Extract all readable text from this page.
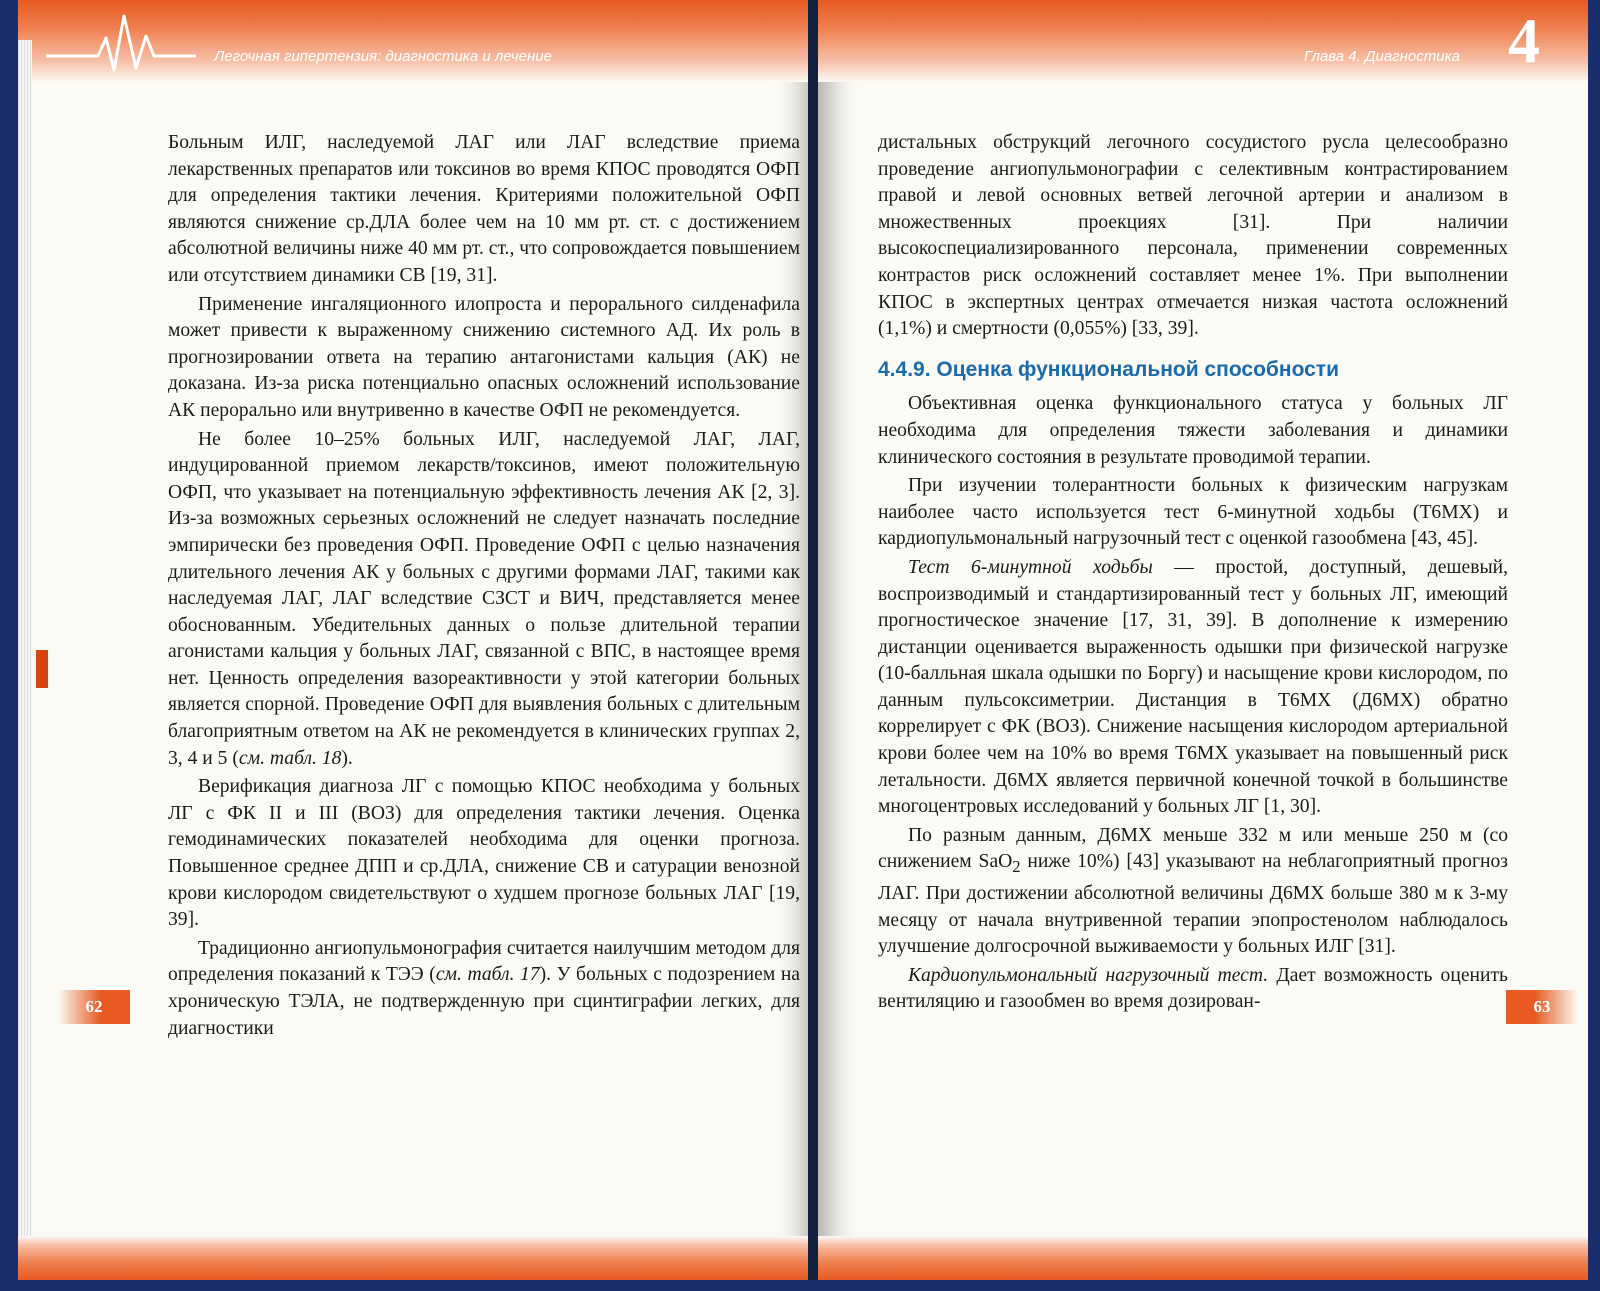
Легочная гипертензия: диагностика и лечение
62

Больным ИЛГ, наследуемой ЛАГ или ЛАГ вследствие приема лекарственных препаратов или токсинов во время КПОС проводятся ОФП для определения тактики лечения. Критериями положительной ОФП являются снижение ср.ДЛА более чем на 10 мм рт. ст. с достижением абсолютной величины ниже 40 мм рт. ст., что сопровождается повышением или отсутствием динамики СВ [19, 31].

Применение ингаляционного илопроста и перорального силденафила может привести к выраженному снижению системного АД. Их роль в прогнозировании ответа на терапию антагонистами кальция (АК) не доказана. Из-за риска потенциально опасных осложнений использование АК перорально или внутривенно в качестве ОФП не рекомендуется.

Не более 10–25% больных ИЛГ, наследуемой ЛАГ, ЛАГ, индуцированной приемом лекарств/токсинов, имеют положительную ОФП, что указывает на потенциальную эффективность лечения АК [2, 3]. Из-за возможных серьезных осложнений не следует назначать последние эмпирически без проведения ОФП. Проведение ОФП с целью назначения длительного лечения АК у больных с другими формами ЛАГ, такими как наследуемая ЛАГ, ЛАГ вследствие СЗСТ и ВИЧ, представляется менее обоснованным. Убедительных данных о пользе длительной терапии агонистами кальция у больных ЛАГ, связанной с ВПС, в настоящее время нет. Ценность определения вазореактивности у этой категории больных является спорной. Проведение ОФП для выявления больных с длительным благоприятным ответом на АК не рекомендуется в клинических группах 2, 3, 4 и 5 (см. табл. 18).

Верификация диагноза ЛГ с помощью КПОС необходима у больных ЛГ с ФК II и III (ВОЗ) для определения тактики лечения. Оценка гемодинамических показателей необходима для оценки прогноза. Повышенное среднее ДПП и ср.ДЛА, снижение СВ и сатурации венозной крови кислородом свидетельствуют о худшем прогнозе больных ЛАГ [19, 39].

Традиционно ангиопульмонография считается наилучшим методом для определения показаний к ТЭЭ (см. табл. 17). У больных с подозрением на хроническую ТЭЛА, не подтвержденную при сцинтиграфии легких, для диагностики

Глава 4. Диагностика 4
63

дистальных обструкций легочного сосудистого русла целесообразно проведение ангиопульмонографии с селективным контрастированием правой и левой основных ветвей легочной артерии и анализом в множественных проекциях [31]. При наличии высокоспециализированного персонала, применении современных контрастов риск осложнений составляет менее 1%. При выполнении КПОС в экспертных центрах отмечается низкая частота осложнений (1,1%) и смертности (0,055%) [33, 39].

4.4.9. Оценка функциональной способности

Объективная оценка функционального статуса у больных ЛГ необходима для определения тяжести заболевания и динамики клинического состояния в результате проводимой терапии.

При изучении толерантности больных к физическим нагрузкам наиболее часто используется тест 6-минутной ходьбы (Т6МХ) и кардиопульмональный нагрузочный тест с оценкой газообмена [43, 45].

Тест 6-минутной ходьбы — простой, доступный, дешевый, воспроизводимый и стандартизированный тест у больных ЛГ, имеющий прогностическое значение [17, 31, 39]. В дополнение к измерению дистанции оценивается выраженность одышки при физической нагрузке (10-балльная шкала одышки по Боргу) и насыщение крови кислородом, по данным пульсоксиметрии. Дистанция в Т6МХ (Д6МХ) обратно коррелирует с ФК (ВОЗ). Снижение насыщения кислородом артериальной крови более чем на 10% во время Т6МХ указывает на повышенный риск летальности. Д6МХ является первичной конечной точкой в большинстве многоцентровых исследований у больных ЛГ [1, 30].

По разным данным, Д6МХ меньше 332 м или меньше 250 м (со снижением SaO$_2$ ниже 10%) [43] указывают на неблагоприятный прогноз ЛАГ. При достижении абсолютной величины Д6МХ больше 380 м к 3-му месяцу от начала внутривенной терапии эпопростенолом наблюдалось улучшение долгосрочной выживаемости у больных ИЛГ [31].

Кардиопульмональный нагрузочный тест. Дает возможность оценить вентиляцию и газообмен во время дозирован-
